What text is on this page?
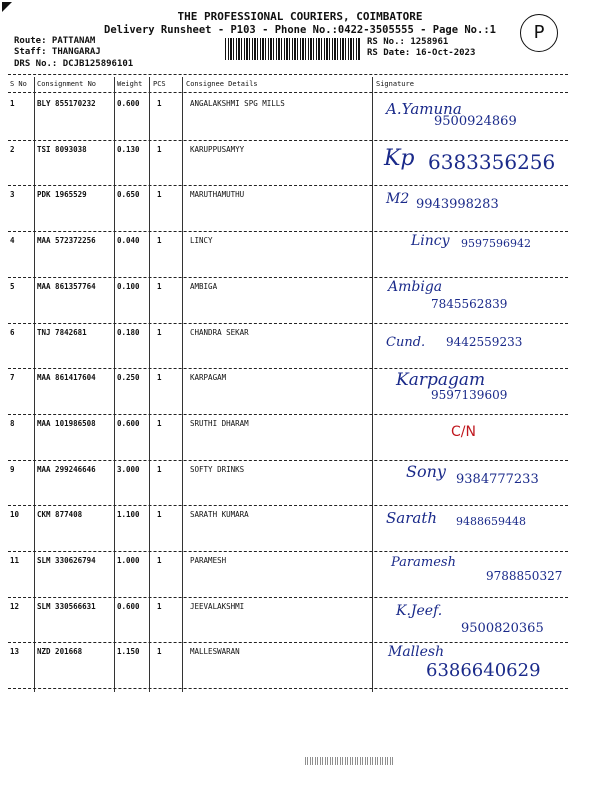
THE PROFESSIONAL COURIERS, COIMBATORE
Delivery Runsheet - P103 - Phone No.:0422-3505555 - Page No.:1	P
Route: PATTANAM
Staff: THANGARAJ
DRS No.: DCJB125896101
RS No.: 1258961
RS Date: 16-Oct-2023
S No Consignment No	Weight PCS	Consignee Details	Signature
1	BLY 855170232	0.600 1	ANGALAKSHMI SPG MILLS	A.Yamuna
9500924869
2	TSI 8093038	0.130 1	KARUPPUSAMYY	Kp 6383356256
3	PDK 1965529	0.650 1	MARUTHAMUTHU	M2 9943998283
4	MAA 572372256	0.040 1	LINCY	Lincy 9597596942
5	MAA 861357764	0.100 1	AMBIGA	Ambiga
7845562839
6	TNJ 7842681	0.180 1	CHANDRA SEKAR
Cund. 9442559233
7	MAA 861417604	0.250 1	KARPAGAM	Karpagam
9597139609
8	MAA 101986508	0.600 1	SRUTHI DHARAM
C/N
9	MAA 299246646	3.000 1	SOFTY DRINKS	Sony 9384777233
10 CKM 877408	1.100 1	SARATH KUMARA	Sarath 9488659448
11 SLM 330626794	1.000 1	PARAMESH	Paramesh
9788850327
12 SLM 330566631	0.600 1	JEEVALAKSHMI	K.Jeef.
9500820365
13 NZD 201668	1.150 1	MALLESWARAN	Mallesh
6386640629
